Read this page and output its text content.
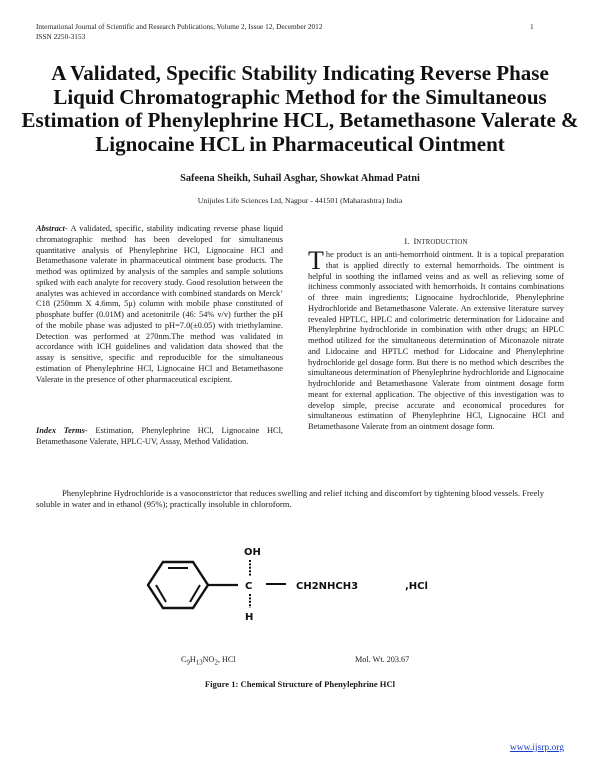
International Journal of Scientific and Research Publications, Volume 2, Issue 12, December 2012
ISSN 2250-3153
1
A Validated, Specific Stability Indicating Reverse Phase Liquid Chromatographic Method for the Simultaneous Estimation of Phenylephrine HCL, Betamethasone Valerate & Lignocaine HCL in Pharmaceutical Ointment
Safeena Sheikh, Suhail Asghar, Showkat Ahmad Patni
Unijules Life Sciences Ltd, Nagpur - 441501 (Maharashtra) India
Abstract- A validated, specific, stability indicating reverse phase liquid chromatographic method has been developed for simultaneous quantitative analysis of Phenylephrine HCl, Lignocaine HCl and Betamethasone valerate in pharmaceutical ointment base products. The method was optimized by analysis of the samples and sample solutions spiked with each analyte for recovery study. Good resolution between the analytes was achieved in accordance with combined standards on Merck’ C18 (250mm X 4.6mm, 5μ) column with mobile phase constituted of phosphate buffer (0.01M) and acetonitrile (46: 54% v/v) further the pH of the mobile phase was adjusted to pH=7.0(±0.05) with triethylamine. Detection was performed at 270nm.The method was validated in accordance with ICH guidelines and validation data showed that the assay is sensitive, specific and reproducible for the simultaneous estimation of Phenylephrine HCl, Lignocaine HCl and Betamethasone Valerate in the presence of other pharmaceutical excipient.
Index Terms- Estimation, Phenylephrine HCl, Lignocaine HCl, Betamethasone Valerate, HPLC-UV, Assay, Method Validation.
I. INTRODUCTION
The product is an anti-hemorrhoid ointment. It is a topical preparation that is applied directly to external hemorrhoids. The ointment is helpful in soothing the inflamed veins and as well as relieving some of itchiness commonly associated with hemorrhoids. It contains combinations of three main ingredients; Lignocaine hydrochloride, Phenylephrine Hydrochloride and Betamethasone Valerate. An extensive literature survey revealed HPTLC, HPLC and colorimetric determination for Lidocaine and Phenylephrine hydrochloride in combination with other drugs; an HPLC method utilized for the simultaneous determination of Miconazole nitrate and Lidocaine and HPTLC method for Lidocaine and Phenylephrine hydrochloride gel dosage form. But there is no method which describes the simultaneous determination of Phenylephrine hydrochloride and Lignocaine hydrochloride and Betamethasone Valerate from ointment dosage form meant for external application. The objective of this investigation was to develop simple, precise accurate and economical procedures for simultaneous estimation of Phenylephrine HCl, Lignocaine HCl and Betamethasone Valerate from an ointment dosage form.
Phenylephrine Hydrochloride is a vasoconstrictor that reduces swelling and relief itching and discomfort by tightening blood vessels. Freely soluble in water and in ethanol (95%); practically insoluble in chloroform.
OH
C
H
CH2NHCH3	,HCl
$C_9H_{13}NO_2$, HCl	Mol. Wt. 203.67
Figure 1: Chemical Structure of Phenylephrine HCl
www.ijsrp.org
